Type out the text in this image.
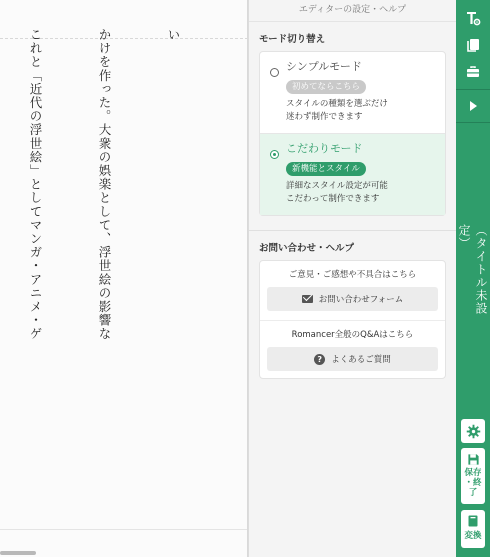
い

かけを作った。大衆の娯楽として、浮世絵の影響な

これと「近代の浮世絵」としてマンガ・アニメ・ゲ

エディターの設定・ヘルプ
モード切り替え
シンプルモード
初めてならこちら
スタイルの種類を選ぶだけ
迷わず制作できます
こだわりモード
新機能とスタイル
詳細なスタイル設定が可能
こだわって制作できます
お問い合わせ・ヘルプ
ご意見・ご感想や不具合はこちら
お問い合わせフォーム
Romancer全般のQ&Aはこちら
?	よくあるご質問
（タイトル未設定）
保存
・終了
変換
